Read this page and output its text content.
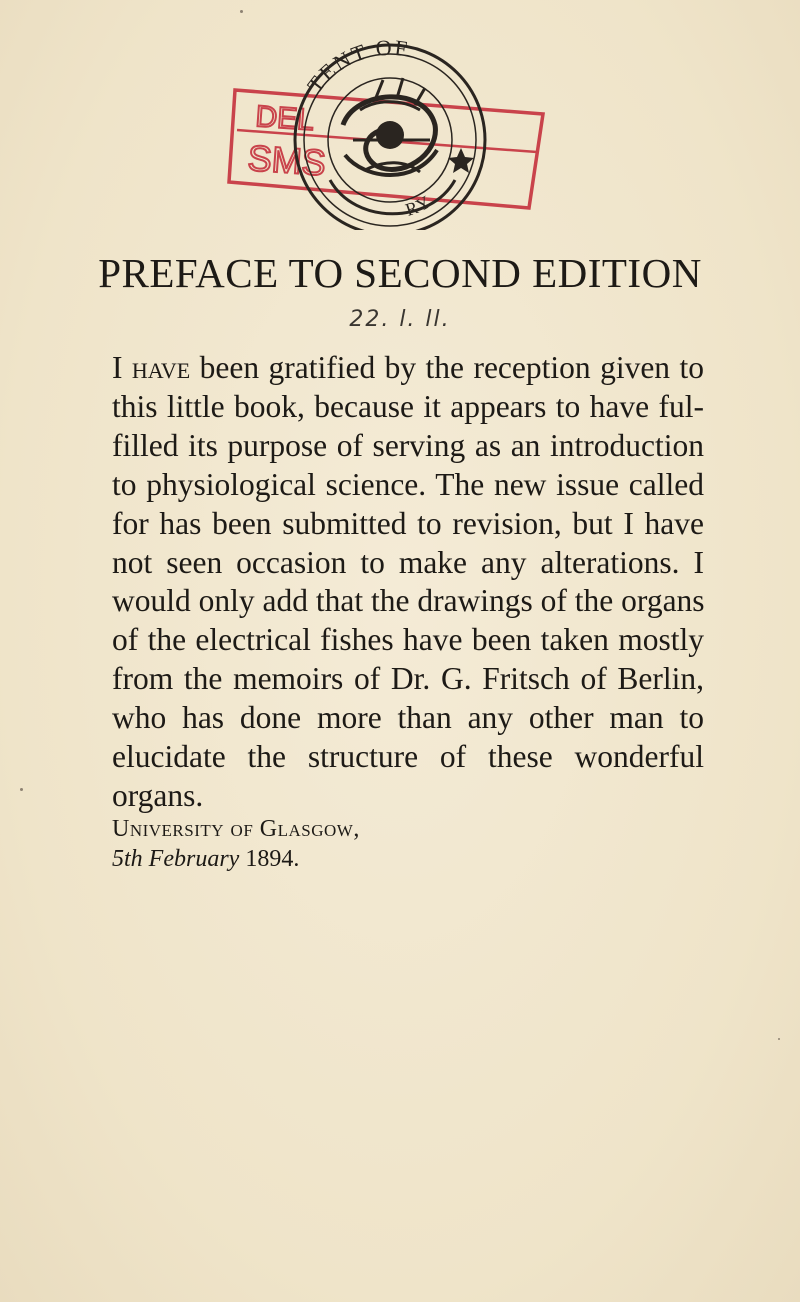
DEL
SMS
TENT OF
RY
PREFACE TO SECOND EDITION
22. l. ll.
I have been gratified by the reception given to
this little book, because it appears to have ful-
filled its purpose of serving as an introduction
to physiological science. The new issue called
for has been submitted to revision, but I have
not seen occasion to make any alterations. I
would only add that the drawings of the organs
of the electrical fishes have been taken mostly
from the memoirs of Dr. G. Fritsch of Berlin,
who has done more than any other man to
elucidate the structure of these wonderful
organs.
University of Glasgow,
5th February 1894.
